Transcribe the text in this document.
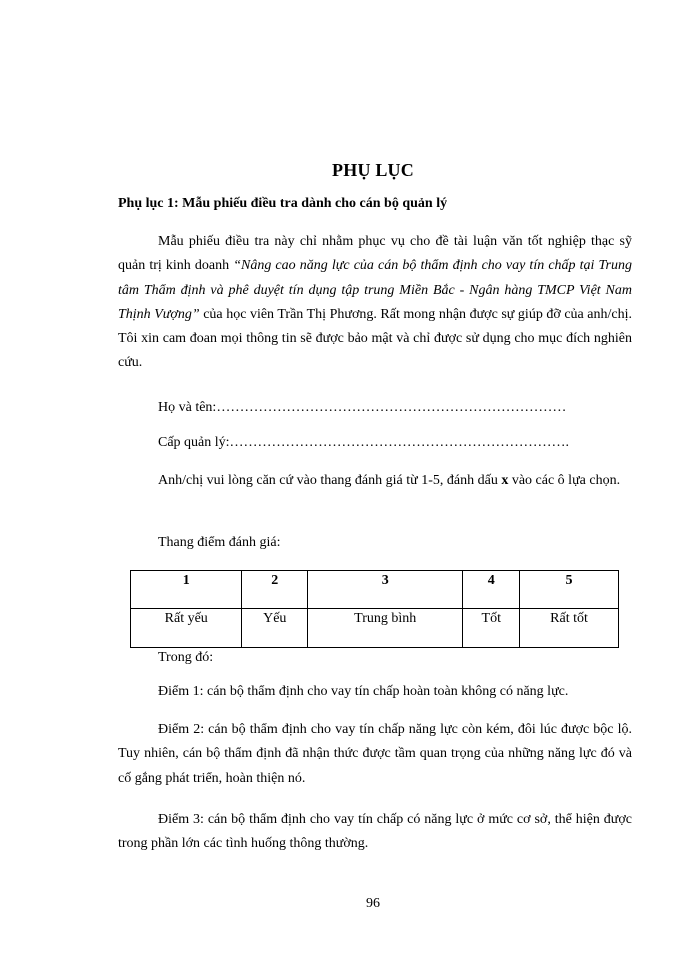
PHỤ LỤC
Phụ lục 1: Mẫu phiếu điều tra dành cho cán bộ quản lý

Mẫu phiếu điều tra này chỉ nhằm phục vụ cho đề tài luận văn tốt nghiệp thạc sỹ quản trị kinh doanh “Nâng cao năng lực của cán bộ thẩm định cho vay tín chấp tại Trung tâm Thẩm định và phê duyệt tín dụng tập trung Miền Bắc - Ngân hàng TMCP Việt Nam Thịnh Vượng” của học viên Trần Thị Phương. Rất mong nhận được sự giúp đỡ của anh/chị. Tôi xin cam đoan mọi thông tin sẽ được bảo mật và chỉ được sử dụng cho mục đích nghiên cứu.

Họ và tên:…………………………………………………………………

Cấp quản lý:……………………………………………………………….

Anh/chị vui lòng căn cứ vào thang đánh giá từ 1-5, đánh dấu x vào các ô lựa chọn.

Thang điểm đánh giá:

1	2	3	4	5
Rất yếu	Yếu	Trung bình	Tốt	Rất tốt

Trong đó:

Điểm 1: cán bộ thẩm định cho vay tín chấp hoàn toàn không có năng lực.

Điểm 2: cán bộ thẩm định cho vay tín chấp năng lực còn kém, đôi lúc được bộc lộ. Tuy nhiên, cán bộ thẩm định đã nhận thức được tầm quan trọng của những năng lực đó và cố gắng phát triển, hoàn thiện nó.

Điểm 3: cán bộ thẩm định cho vay tín chấp có năng lực ở mức cơ sở, thể hiện được trong phần lớn các tình huống thông thường.

96
